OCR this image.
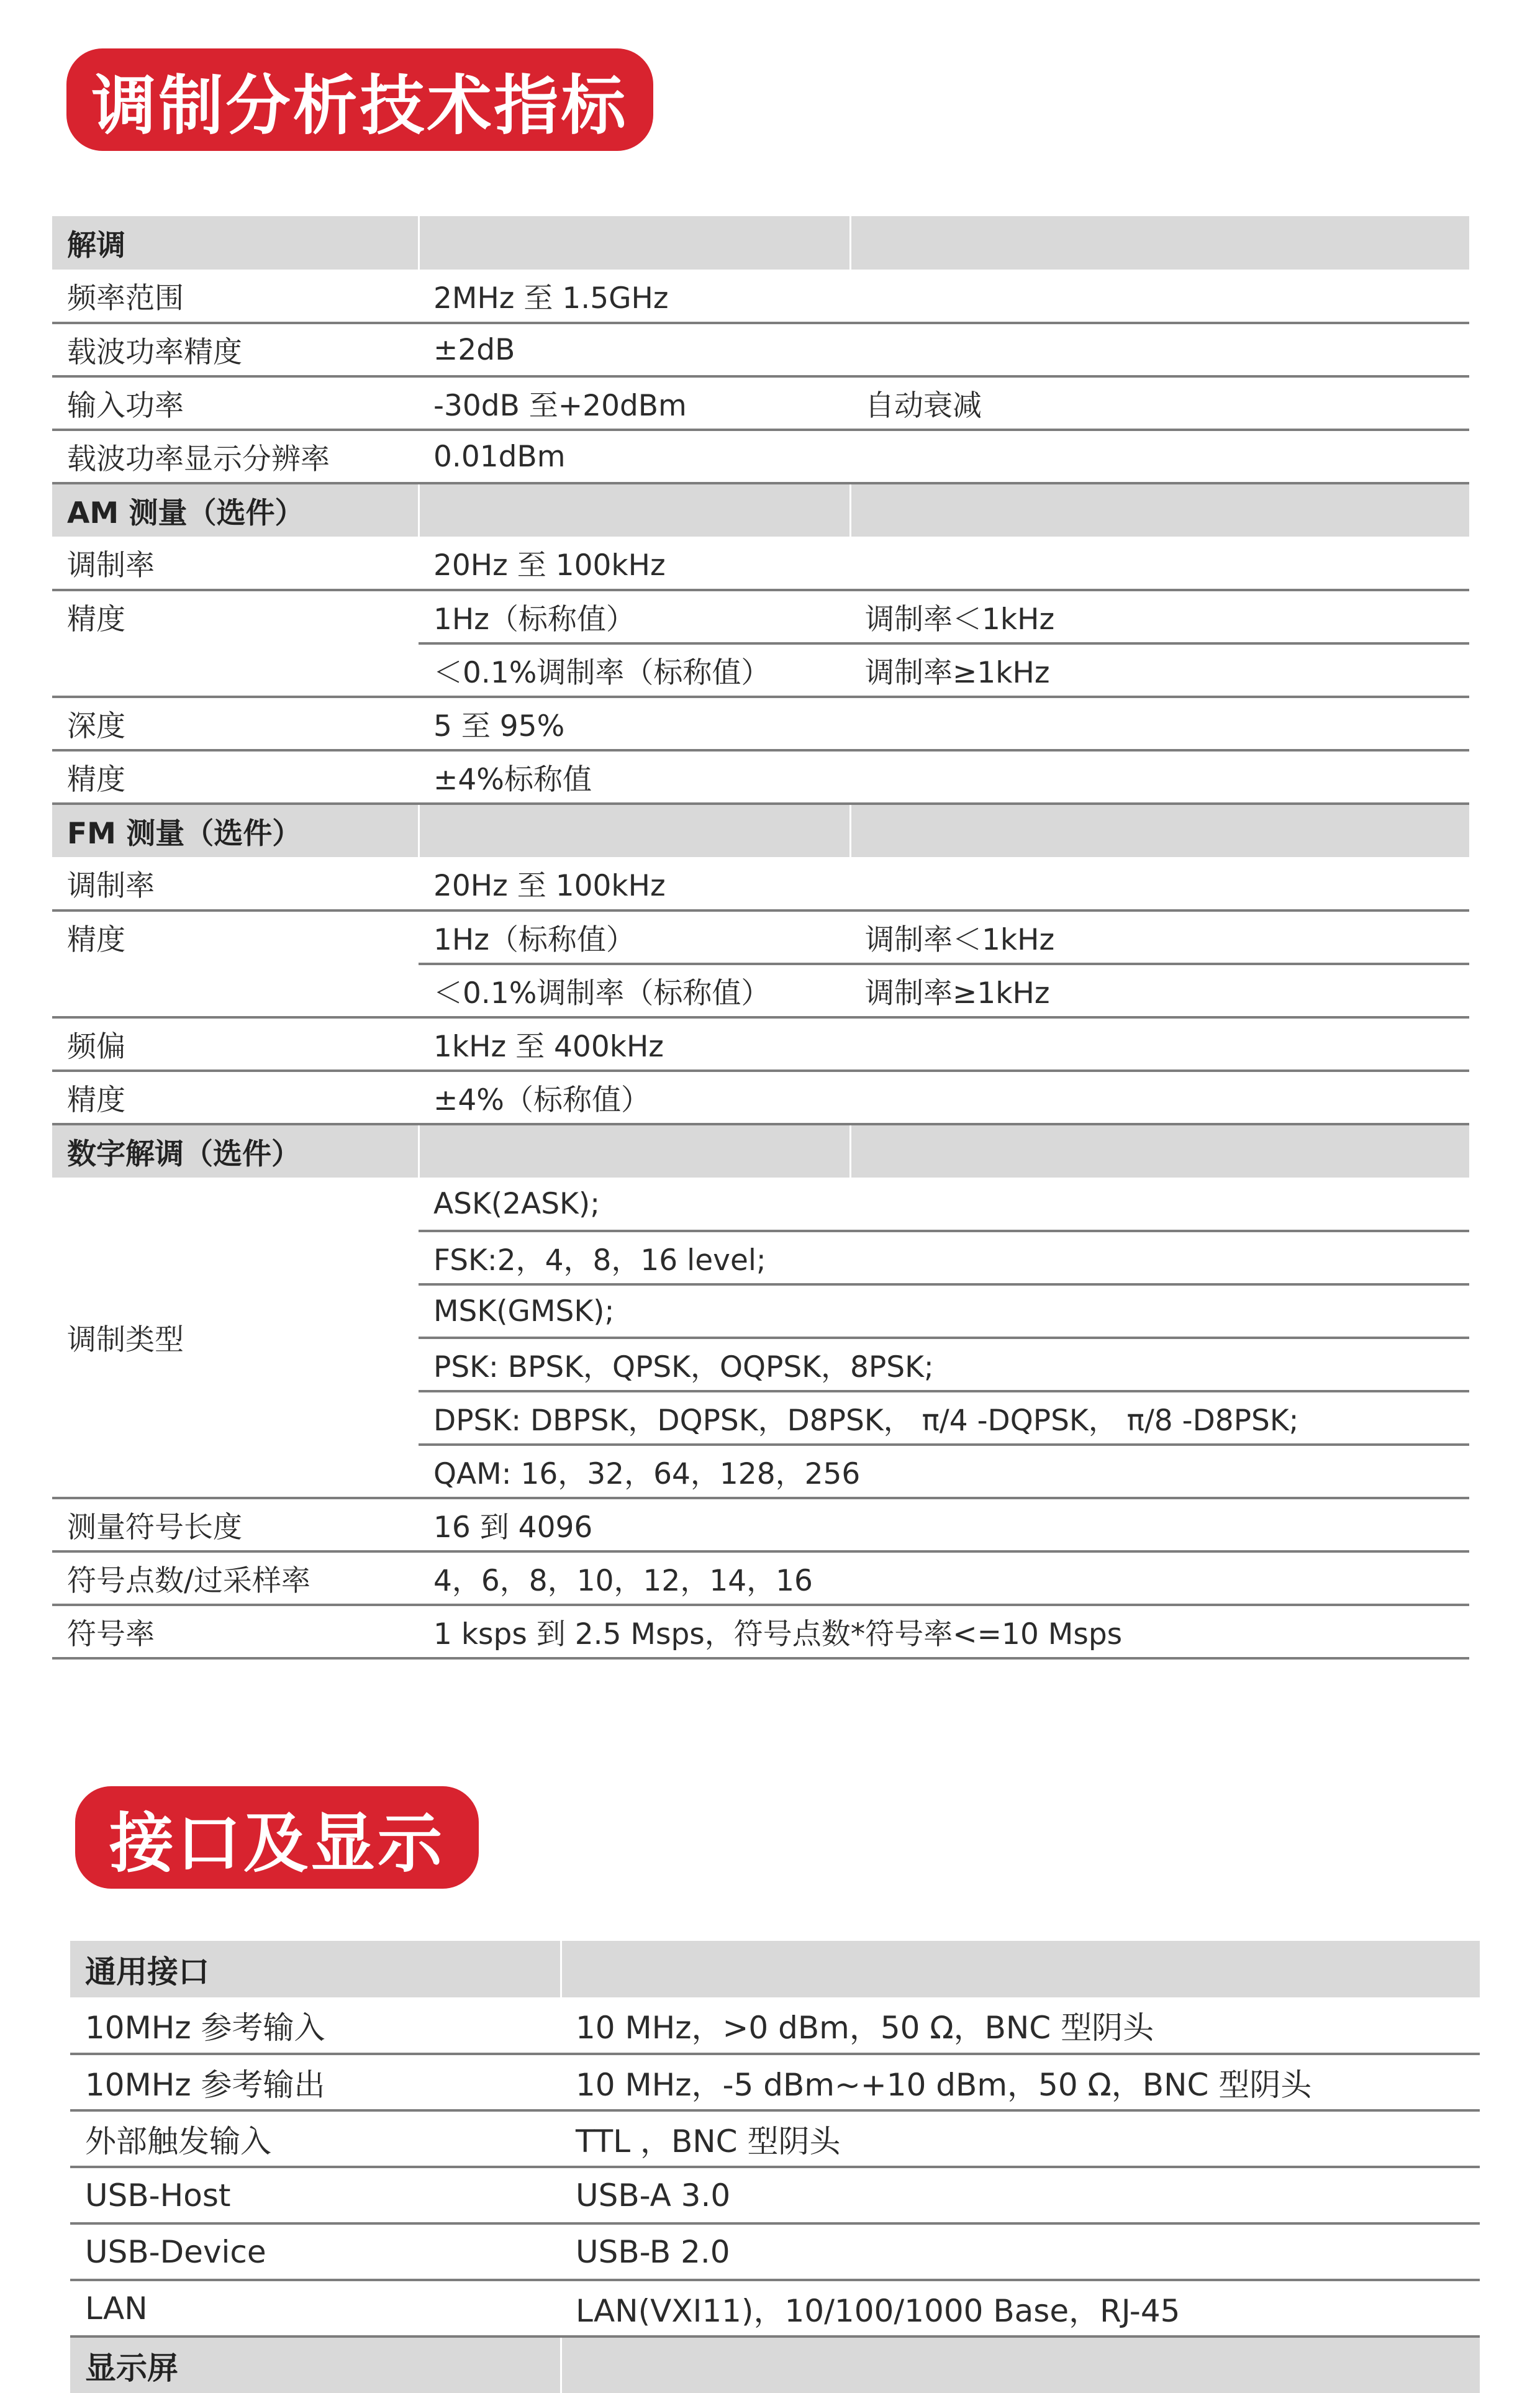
调制分析技术指标
解调		
频率范围	2MHz 至 1.5GHz	
载波功率精度	±2dB	
输入功率	-30dB 至+20dBm	自动衰减
载波功率显示分辨率	0.01dBm	
AM 测量（选件）		
调制率	20Hz 至 100kHz	
精度	1Hz（标称值）	调制率＜1kHz
	＜0.1%调制率（标称值）	调制率≥1kHz
深度	5 至 95%	
精度	±4%标称值	
FM 测量（选件）		
调制率	20Hz 至 100kHz	
精度	1Hz（标称值）	调制率＜1kHz
	＜0.1%调制率（标称值）	调制率≥1kHz
频偏	1kHz 至 400kHz	
精度	±4%（标称值）	
数字解调（选件）		
调制类型	ASK(2ASK);	
	FSK:2，4，8，16 level;	
	MSK(GMSK);	
	PSK: BPSK，QPSK，OQPSK，8PSK;	
	DPSK: DBPSK，DQPSK，D8PSK， π/4 -DQPSK， π/8 -D8PSK;	
	QAM: 16，32，64，128，256	
测量符号长度	16 到 4096	
符号点数/过采样率	4，6，8，10，12，14，16	
符号率	1 ksps 到 2.5 Msps，符号点数*符号率<=10 Msps	
接口及显示
通用接口	
10MHz 参考输入	10 MHz，>0 dBm，50 Ω，BNC 型阴头
10MHz 参考输出	10 MHz，-5 dBm~+10 dBm，50 Ω，BNC 型阴头
外部触发输入	TTL ，BNC 型阴头
USB-Host	USB-A 3.0
USB-Device	USB-B 2.0
LAN	LAN(VXI11)，10/100/1000 Base，RJ-45
显示屏	
